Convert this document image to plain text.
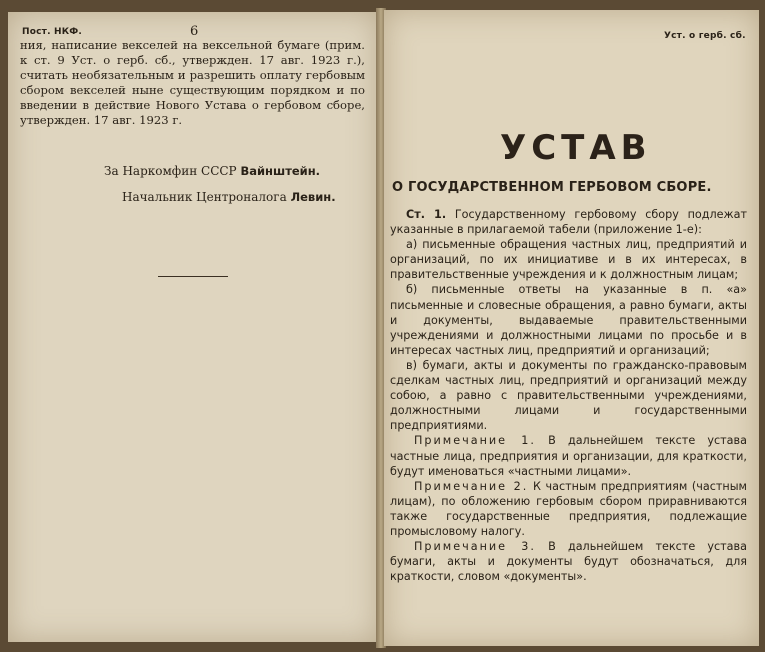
Пост. НКФ.	6

ния, написание векселей на вексельной бумаге (прим. к ст. 9 Уст. о герб. сб., утвержден. 17 авг. 1923 г.), считать необязательным и разрешить оплату гербовым сбором векселей ныне существующим порядком и по введении в действие Нового Устава о гербовом сборе, утвержден. 17 авг. 1923 г.

За Наркомфин СССР Вайнштейн.
Начальник Центроналога Левин.
Уст. о герб. сб.
УСТАВ
О ГОСУДАРСТВЕННОМ ГЕРБОВОМ СБОРЕ.

Ст. 1. Государственному гербовому сбору подлежат указанные в прилагаемой табели (приложение 1-е):

а) письменные обращения частных лиц, предприятий и организаций, по их инициативе и в их интересах, в правительственные учреждения и к должностным лицам;

б) письменные ответы на указанные в п. «а» письменные и словесные обращения, а равно бумаги, акты и документы, выдаваемые правительственными учреждениями и должностными лицами по просьбе и в интересах частных лиц, предприятий и организаций;

в) бумаги, акты и документы по гражданско-правовым сделкам частных лиц, предприятий и организаций между собою, а равно с правительственными учреждениями, должностными лицами и государственными предприятиями.

Примечание 1. В дальнейшем тексте устава частные лица, предприятия и организации, для краткости, будут именоваться «частными лицами».

Примечание 2. К частным предприятиям (частным лицам), по обложению гербовым сбором приравниваются также государственные предприятия, подлежащие промысловому налогу.

Примечание 3. В дальнейшем тексте устава бумаги, акты и документы будут обозначаться, для краткости, словом «документы».
